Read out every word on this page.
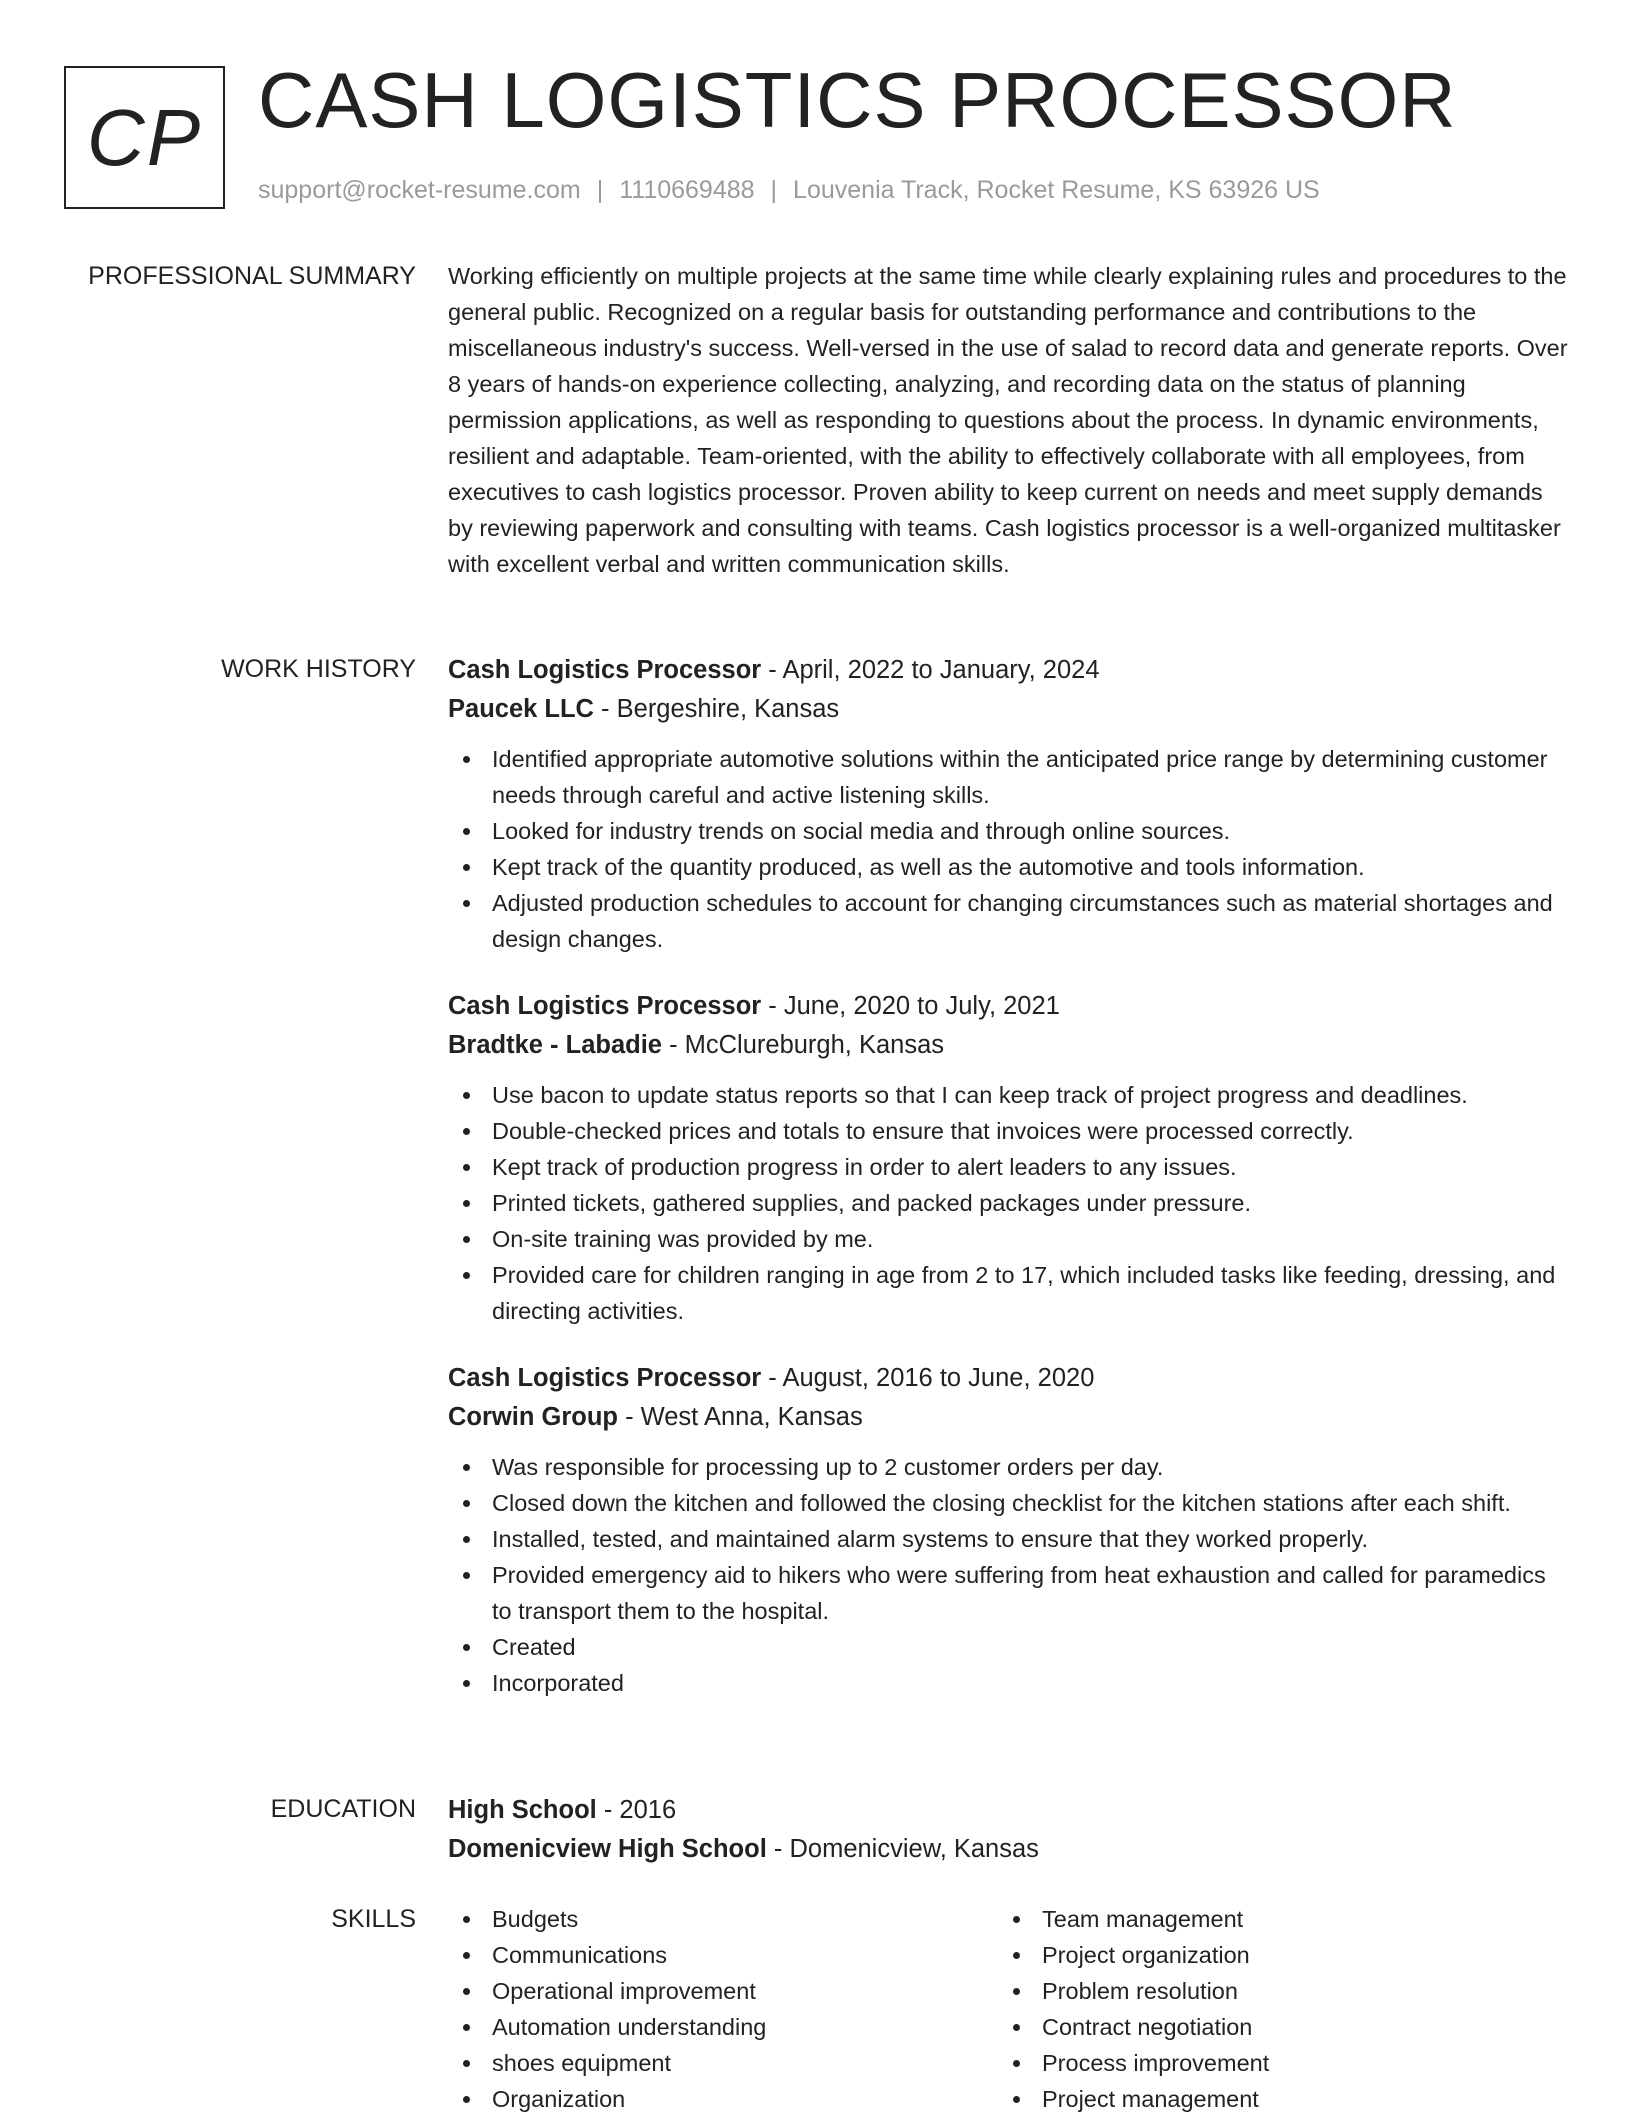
CP CASH LOGISTICS PROCESSOR
support@rocket-resume.com | 1110669488 | Louvenia Track, Rocket Resume, KS 63926 US
PROFESSIONAL SUMMARY Working efficiently on multiple projects at the same time while clearly explaining rules and procedures to the general public. Recognized on a regular basis for outstanding performance and contributions to the miscellaneous industry's success. Well-versed in the use of salad to record data and generate reports. Over 8 years of hands-on experience collecting, analyzing, and recording data on the status of planning permission applications, as well as responding to questions about the process. In dynamic environments, resilient and adaptable. Team-oriented, with the ability to effectively collaborate with all employees, from executives to cash logistics processor. Proven ability to keep current on needs and meet supply demands by reviewing paperwork and consulting with teams. Cash logistics processor is a well-organized multitasker with excellent verbal and written communication skills.
WORK HISTORY Cash Logistics Processor - April, 2022 to January, 2024
Paucek LLC - Bergeshire, Kansas
Identified appropriate automotive solutions within the anticipated price range by determining customer needs through careful and active listening skills.
Looked for industry trends on social media and through online sources.
Kept track of the quantity produced, as well as the automotive and tools information.
Adjusted production schedules to account for changing circumstances such as material shortages and design changes.
Cash Logistics Processor - June, 2020 to July, 2021
Bradtke - Labadie - McClureburgh, Kansas
Use bacon to update status reports so that I can keep track of project progress and deadlines.
Double-checked prices and totals to ensure that invoices were processed correctly.
Kept track of production progress in order to alert leaders to any issues.
Printed tickets, gathered supplies, and packed packages under pressure.
On-site training was provided by me.
Provided care for children ranging in age from 2 to 17, which included tasks like feeding, dressing, and directing activities.
Cash Logistics Processor - August, 2016 to June, 2020
Corwin Group - West Anna, Kansas
Was responsible for processing up to 2 customer orders per day.
Closed down the kitchen and followed the closing checklist for the kitchen stations after each shift.
Installed, tested, and maintained alarm systems to ensure that they worked properly.
Provided emergency aid to hikers who were suffering from heat exhaustion and called for paramedics to transport them to the hospital.
Created
Incorporated
EDUCATION High School - 2016
Domenicview High School - Domenicview, Kansas
SKILLS	Budgets
Communications
Operational improvement
Automation understanding
shoes equipment
Organization
Team management
Project organization
Problem resolution
Contract negotiation
Process improvement
Project management
